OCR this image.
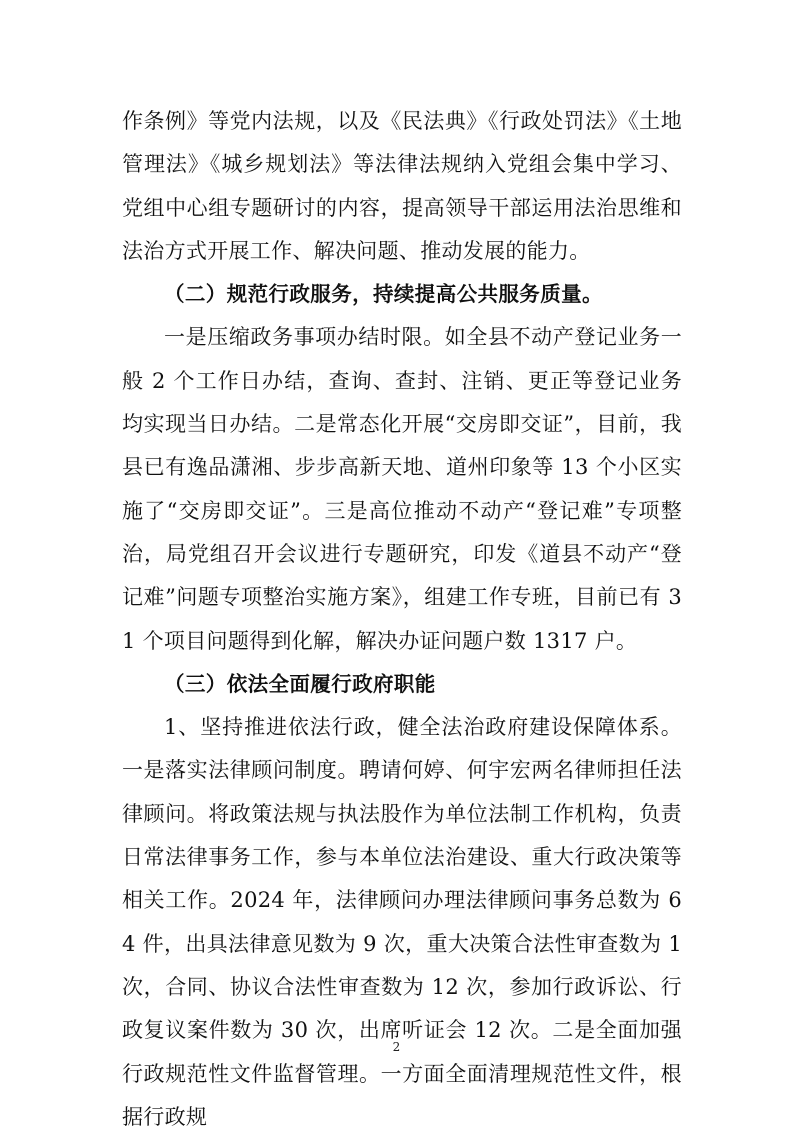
作条例》等党内法规，以及《民法典》《行政处罚法》《土地管理法》《城乡规划法》等法律法规纳入党组会集中学习、党组中心组专题研讨的内容，提高领导干部运用法治思维和法治方式开展工作、解决问题、推动发展的能力。

（二）规范行政服务，持续提高公共服务质量。

一是压缩政务事项办结时限。如全县不动产登记业务一般 2 个工作日办结，查询、查封、注销、更正等登记业务均实现当日办结。二是常态化开展“交房即交证”，目前，我县已有逸品潇湘、步步高新天地、道州印象等 13 个小区实施了“交房即交证”。三是高位推动不动产“登记难”专项整治，局党组召开会议进行专题研究，印发《道县不动产“登记难”问题专项整治实施方案》，组建工作专班，目前已有 31 个项目问题得到化解，解决办证问题户数 1317 户。

（三）依法全面履行政府职能

1、坚持推进依法行政，健全法治政府建设保障体系。一是落实法律顾问制度。聘请何婷、何宇宏两名律师担任法律顾问。将政策法规与执法股作为单位法制工作机构，负责日常法律事务工作，参与本单位法治建设、重大行政决策等相关工作。2024 年，法律顾问办理法律顾问事务总数为 64 件，出具法律意见数为 9 次，重大决策合法性审查数为 1 次，合同、协议合法性审查数为 12 次，参加行政诉讼、行政复议案件数为 30 次，出席听证会 12 次。二是全面加强行政规范性文件监督管理。一方面全面清理规范性文件，根据行政规

2
